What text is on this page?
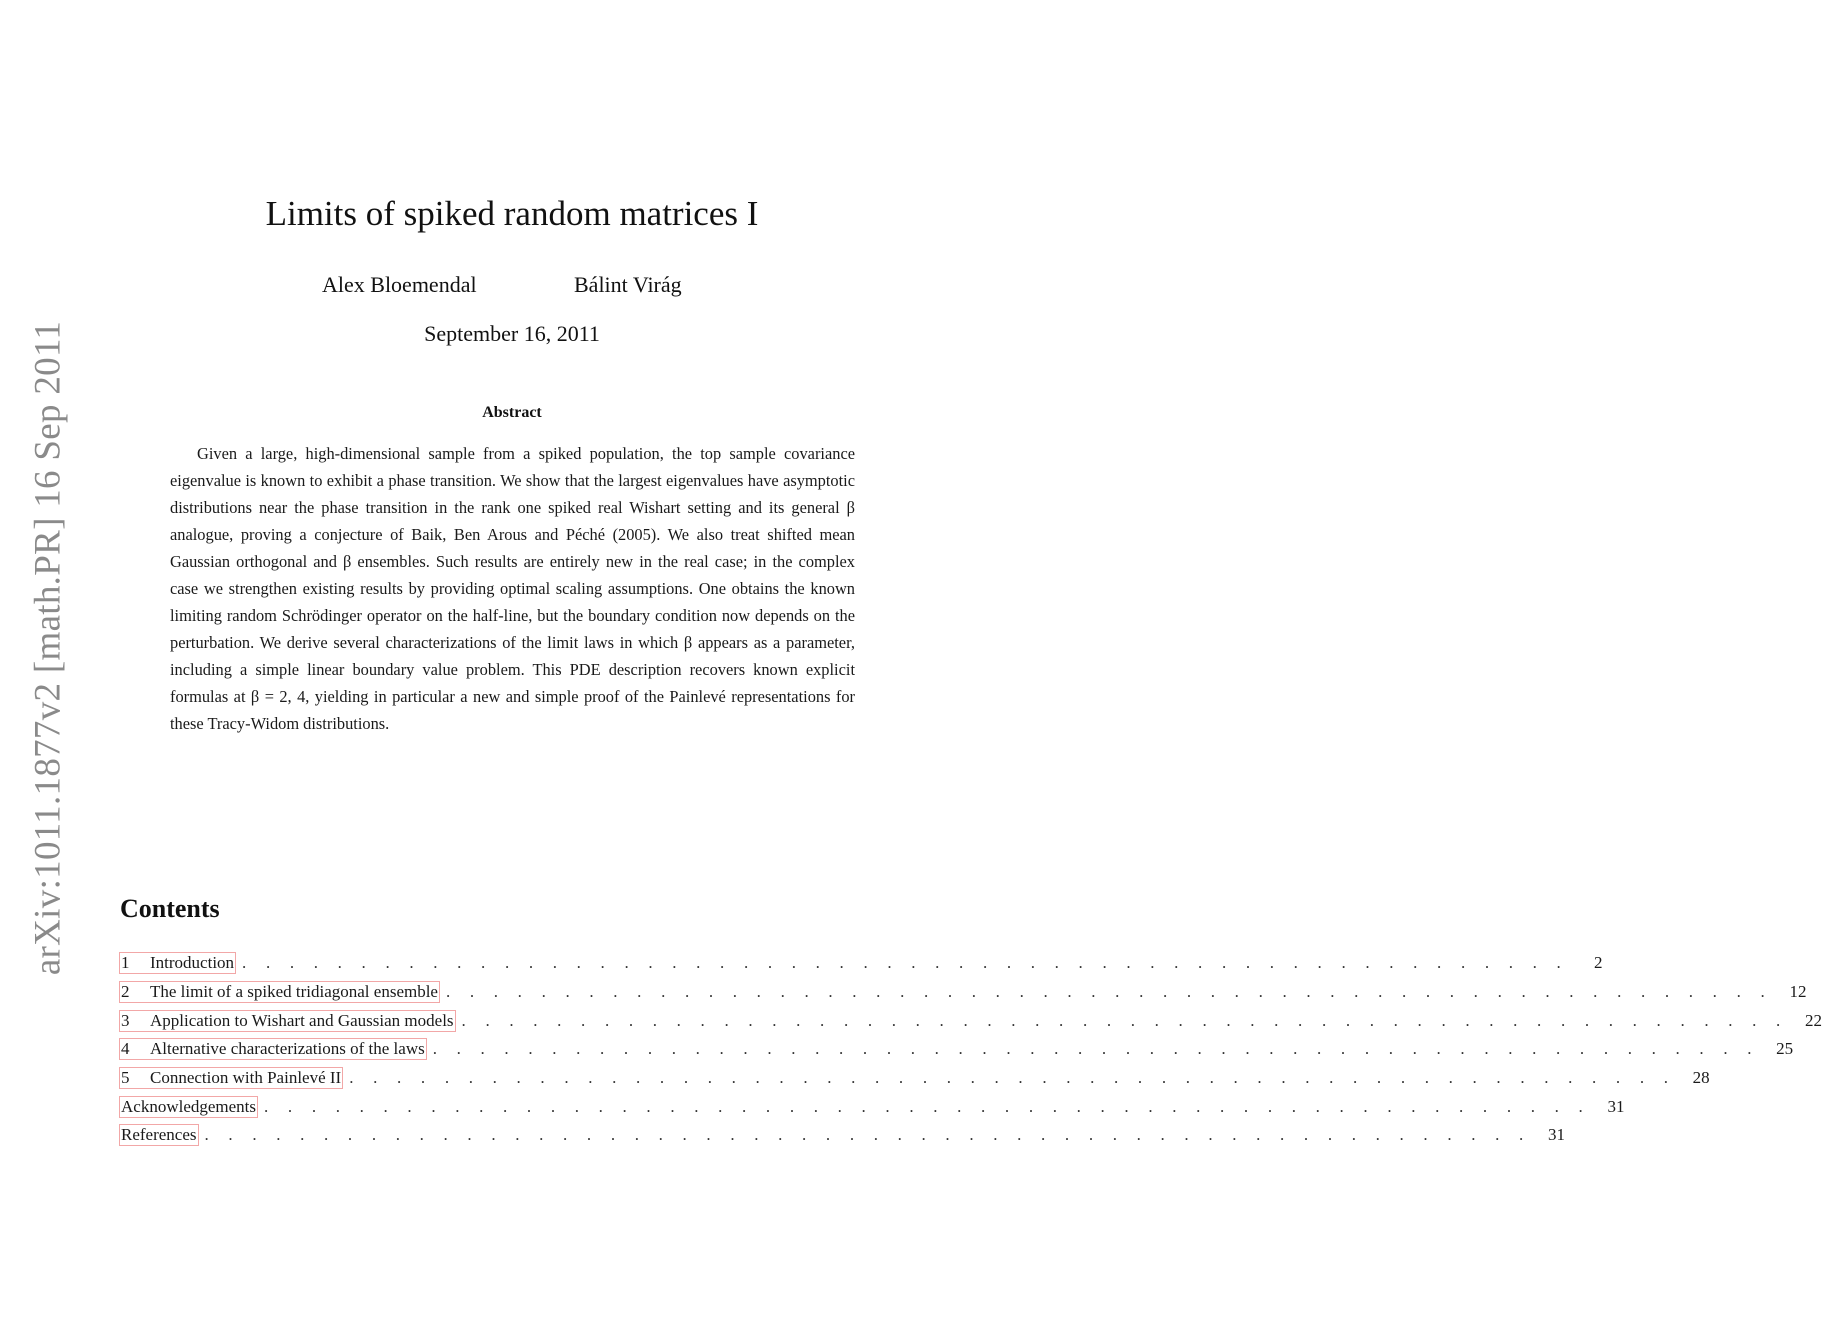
arXiv:1011.1877v2 [math.PR] 16 Sep 2011
Limits of spiked random matrices I
Alex Bloemendal	Bálint Virág
September 16, 2011
Abstract

Given a large, high-dimensional sample from a spiked population, the top sample covariance eigenvalue is known to exhibit a phase transition. We show that the largest eigenvalues have asymptotic distributions near the phase transition in the rank one spiked real Wishart setting and its general β analogue, proving a conjecture of Baik, Ben Arous and Péché (2005). We also treat shifted mean Gaussian orthogonal and β ensembles. Such results are entirely new in the real case; in the complex case we strengthen existing results by providing optimal scaling assumptions. One obtains the known limiting random Schrödinger operator on the half-line, but the boundary condition now depends on the perturbation. We derive several characterizations of the limit laws in which β appears as a parameter, including a simple linear boundary value problem. This PDE description recovers known explicit formulas at β = 2, 4, yielding in particular a new and simple proof of the Painlevé representations for these Tracy-Widom distributions.

Contents
1 Introduction . . . . . . . . . . . . . . . . . . . . . . . . . . . . . . . . . . . . . . . . . . . . . . . . . . . . . . . .	2
2 The limit of a spiked tridiagonal ensemble . . . . . . . . . . . . . . . . . . . . . . . . . . . . . . . . . . . . . . . . . . . . . . . . . . . . . . . .	12
3 Application to Wishart and Gaussian models . . . . . . . . . . . . . . . . . . . . . . . . . . . . . . . . . . . . . . . . . . . . . . . . . . . . . . . .	22
4 Alternative characterizations of the laws . . . . . . . . . . . . . . . . . . . . . . . . . . . . . . . . . . . . . . . . . . . . . . . . . . . . . . . .	25
5 Connection with Painlevé II . . . . . . . . . . . . . . . . . . . . . . . . . . . . . . . . . . . . . . . . . . . . . . . . . . . . . . . .	28
Acknowledgements . . . . . . . . . . . . . . . . . . . . . . . . . . . . . . . . . . . . . . . . . . . . . . . . . . . . . . . .	31
References . . . . . . . . . . . . . . . . . . . . . . . . . . . . . . . . . . . . . . . . . . . . . . . . . . . . . . . .	31
